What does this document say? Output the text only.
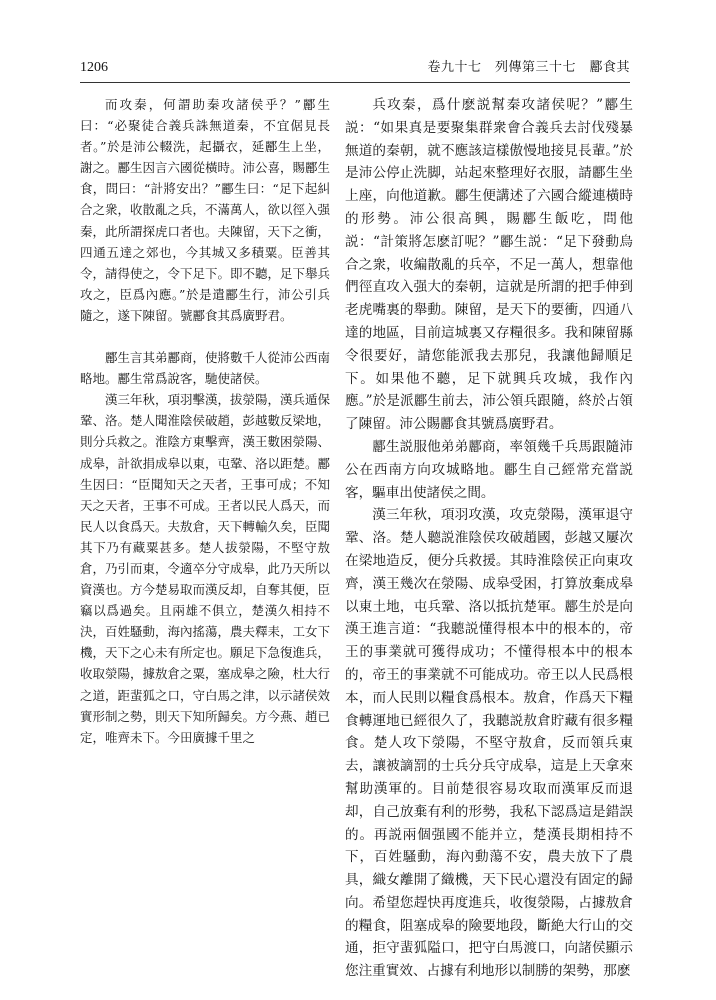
1206	卷九十七　列傳第三十七　酈食其

而攻秦，何謂助秦攻諸侯乎？”酈生曰：“必聚徒合義兵誅無道秦，不宜倨見長者。”於是沛公輟洗，起攝衣，延酈生上坐，謝之。酈生因言六國從橫時。沛公喜，賜酈生食，問曰：“計將安出？”酈生曰：“足下起糾合之衆，收散亂之兵，不滿萬人，欲以徑入强秦，此所謂探虎口者也。夫陳留，天下之衝，四通五達之郊也，今其城又多積粟。臣善其令，請得使之，令下足下。即不聽，足下舉兵攻之，臣爲內應。”於是遣酈生行，沛公引兵隨之，遂下陳留。號酈食其爲廣野君。

酈生言其弟酈商，使將數千人從沛公西南略地。酈生常爲說客，馳使諸侯。

漢三年秋，項羽擊漢，拔滎陽，漢兵遁保鞏、洛。楚人聞淮陰侯破趙，彭越數反梁地，則分兵救之。淮陰方東擊齊，漢王數困滎陽、成皋，計欲捐成皋以東，屯鞏、洛以距楚。酈生因曰：“臣聞知天之天者，王事可成；不知天之天者，王事不可成。王者以民人爲天，而民人以食爲天。夫敖倉，天下轉輸久矣，臣聞其下乃有藏粟甚多。楚人拔滎陽，不堅守敖倉，乃引而東，令適卒分守成皋，此乃天所以資漢也。方今楚易取而漢反却，自奪其便，臣竊以爲過矣。且兩雄不俱立，楚漢久相持不決，百姓騷動，海內搖蕩，農夫釋耒，工女下機，天下之心未有所定也。願足下急復進兵，收取滎陽，據敖倉之粟，塞成皋之險，杜大行之道，距蜚狐之口，守白馬之津，以示諸侯效實形制之勢，則天下知所歸矣。方今燕、趙已定，唯齊未下。今田廣據千里之

兵攻秦，爲什麽説幫秦攻諸侯呢？”酈生説：“如果真是要聚集群衆會合義兵去討伐殘暴無道的秦朝，就不應該這樣傲慢地接見長輩。”於是沛公停止洗脚，站起來整理好衣服，請酈生坐上座，向他道歉。酈生便講述了六國合縱連橫時的形勢。沛公很高興，賜酈生飯吃，問他説：“計策將怎麽訂呢？”酈生説：“足下發動烏合之衆，收編散亂的兵卒，不足一萬人，想靠他們徑直攻入强大的秦朝，這就是所謂的把手伸到老虎嘴裏的舉動。陳留，是天下的要衝，四通八達的地區，目前這城裏又存糧很多。我和陳留縣令很要好，請您能派我去那兒，我讓他歸順足下。如果他不聽，足下就興兵攻城，我作內應。”於是派酈生前去，沛公領兵跟隨，終於占領了陳留。沛公賜酈食其號爲廣野君。

酈生説服他弟弟酈商，率領幾千兵馬跟隨沛公在西南方向攻城略地。酈生自己經常充當説客，驅車出使諸侯之間。

漢三年秋，項羽攻漢，攻克滎陽，漢軍退守鞏、洛。楚人聽説淮陰侯攻破趙國，彭越又屢次在梁地造反，便分兵救援。其時淮陰侯正向東攻齊，漢王幾次在滎陽、成皋受困，打算放棄成皋以東土地，屯兵鞏、洛以抵抗楚軍。酈生於是向漢王進言道：“我聽説懂得根本中的根本的，帝王的事業就可獲得成功；不懂得根本中的根本的，帝王的事業就不可能成功。帝王以人民爲根本，而人民則以糧食爲根本。敖倉，作爲天下糧食轉運地已經很久了，我聽説敖倉貯藏有很多糧食。楚人攻下滎陽，不堅守敖倉，反而領兵東去，讓被謫罰的士兵分兵守成皋，這是上天拿來幫助漢軍的。目前楚很容易攻取而漢軍反而退却，自己放棄有利的形勢，我私下認爲這是錯誤的。再説兩個强國不能并立，楚漢長期相持不下，百姓騷動，海內動蕩不安，農夫放下了農具，織女離開了織機，天下民心還没有固定的歸向。希望您趕快再度進兵，收復滎陽，占據敖倉的糧食，阻塞成皋的險要地段，斷絶大行山的交通，拒守蜚狐隘口，把守白馬渡口，向諸侯顯示您注重實效、占據有利地形以制勝的架勢，那麽
